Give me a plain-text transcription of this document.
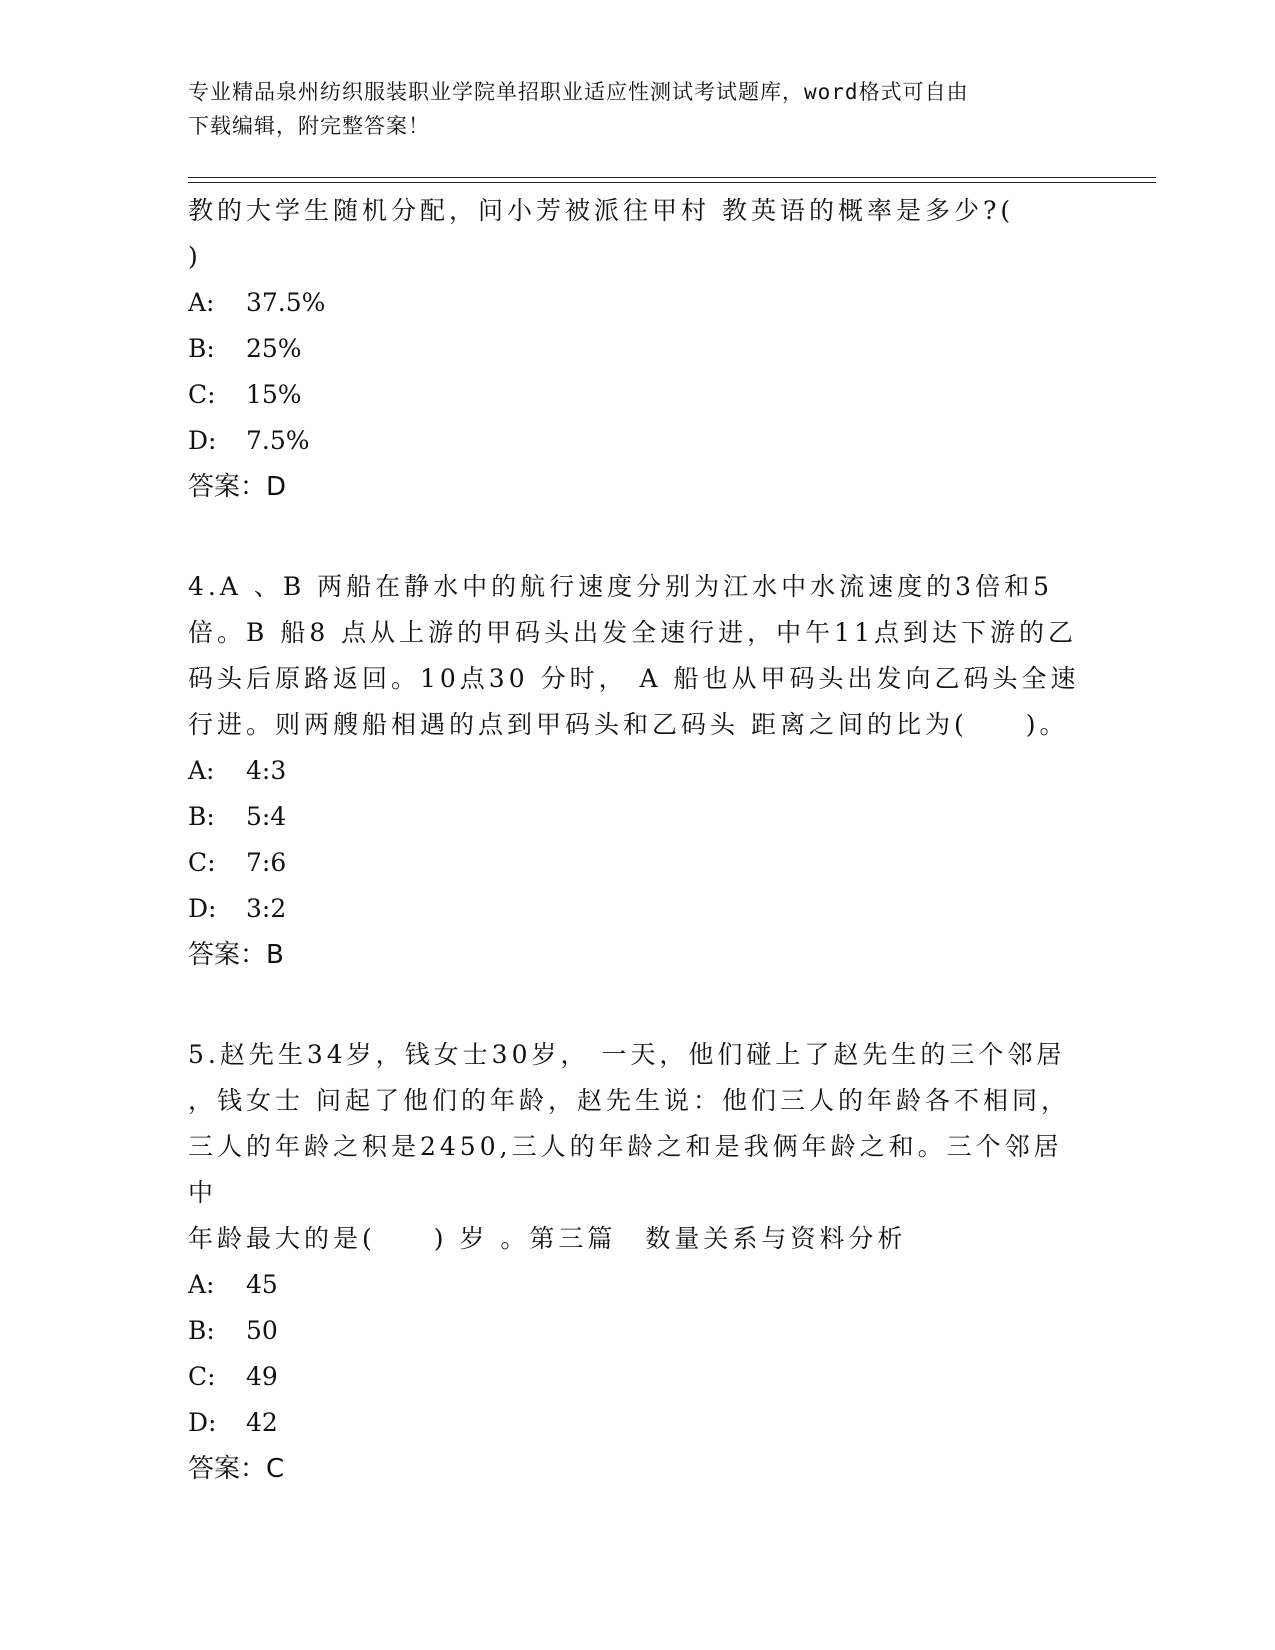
专业精品泉州纺织服装职业学院单招职业适应性测试考试题库，word格式可自由
下载编辑，附完整答案！

教的大学生随机分配，问小芳被派往甲村 教英语的概率是多少?(

)

A:	37.5%

B:	25%

C:	15%

D:	7.5%

答案：D

4.A 、B 两船在静水中的航行速度分别为江水中水流速度的3倍和5

倍。B 船8 点从上游的甲码头出发全速行进，中午11点到达下游的乙

码头后原路返回。10点30 分时， A 船也从甲码头出发向乙码头全速

行进。则两艘船相遇的点到甲码头和乙码头 距离之间的比为(　　)。

A:	4:3

B:	5:4

C:	7:6

D:	3:2

答案：B

5.赵先生34岁，钱女士30岁， 一天，他们碰上了赵先生的三个邻居

，钱女士 问起了他们的年龄，赵先生说：他们三人的年龄各不相同，

三人的年龄之积是2450,三人的年龄之和是我俩年龄之和。三个邻居中

年龄最大的是(　　) 岁 。第三篇　数量关系与资料分析

A:	45

B:	50

C:	49

D:	42

答案：C
